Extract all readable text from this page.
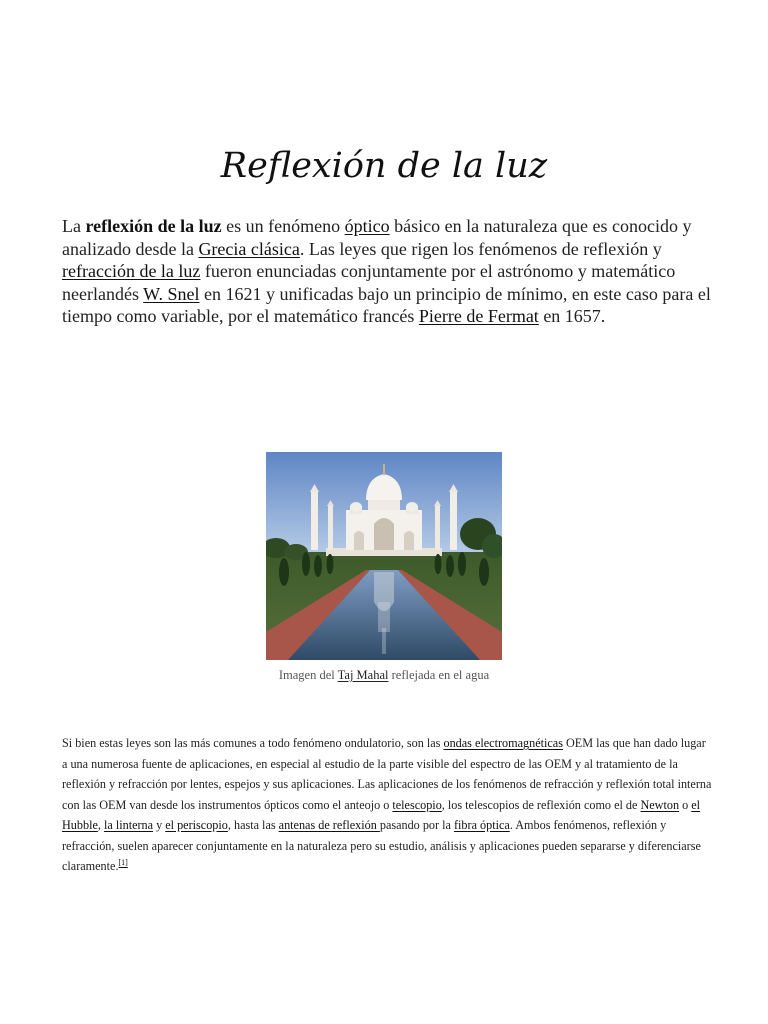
Reflexión de la luz

La reflexión de la luz es un fenómeno óptico básico en la naturaleza que es conocido y analizado desde la Grecia clásica. Las leyes que rigen los fenómenos de reflexión y refracción de la luz fueron enunciadas conjuntamente por el astrónomo y matemático neerlandés W. Snel en 1621 y unificadas bajo un principio de mínimo, en este caso para el tiempo como variable, por el matemático francés Pierre de Fermat en 1657.

Imagen del Taj Mahal reflejada en el agua

Si bien estas leyes son las más comunes a todo fenómeno ondulatorio, son las ondas electromagnéticas OEM las que han dado lugar a una numerosa fuente de aplicaciones, en especial al estudio de la parte visible del espectro de las OEM y al tratamiento de la reflexión y refracción por lentes, espejos y sus aplicaciones. Las aplicaciones de los fenómenos de refracción y reflexión total interna con las OEM van desde los instrumentos ópticos como el anteojo o telescopio, los telescopios de reflexión como el de Newton o el Hubble, la linterna y el periscopio, hasta las antenas de reflexión pasando por la fibra óptica. Ambos fenómenos, reflexión y refracción, suelen aparecer conjuntamente en la naturaleza pero su estudio, análisis y aplicaciones pueden separarse y diferenciarse claramente.[1]
